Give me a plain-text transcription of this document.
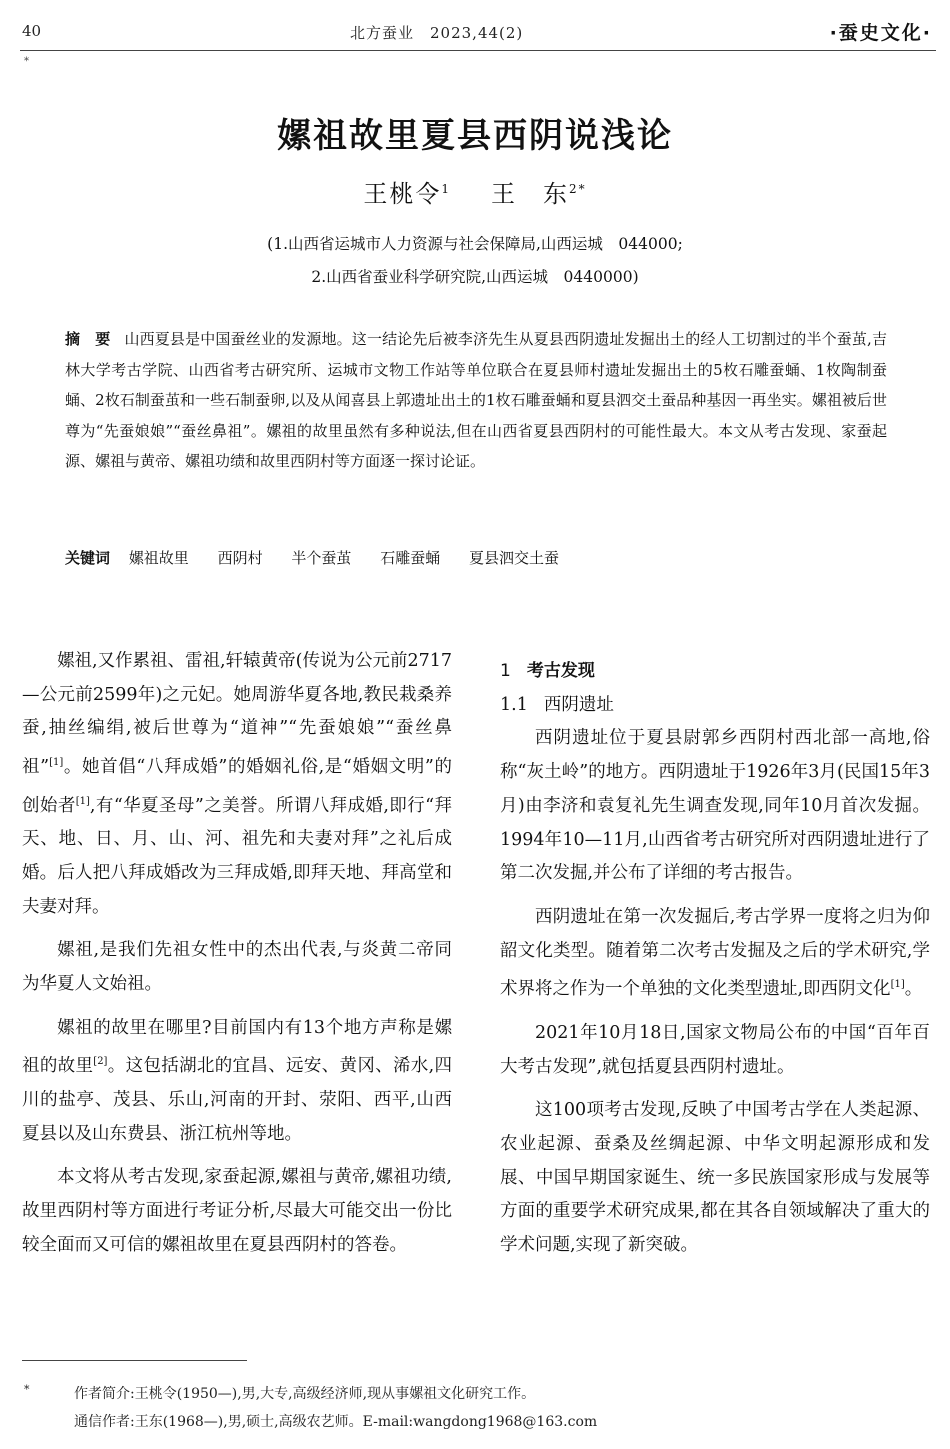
40	北方蚕业　2023,44(2)	·蚕史文化·
*
嫘祖故里夏县西阴说浅论
王桃令$^1$ 王　东$^{2*}$
(1.山西省运城市人力资源与社会保障局,山西运城　044000;
2.山西省蚕业科学研究院,山西运城　0440000)
摘　要 山西夏县是中国蚕丝业的发源地。这一结论先后被李济先生从夏县西阴遗址发掘出土的经人工切割过的半个蚕茧,吉林大学考古学院、山西省考古研究所、运城市文物工作站等单位联合在夏县师村遗址发掘出土的5枚石雕蚕蛹、1枚陶制蚕蛹、2枚石制蚕茧和一些石制蚕卵,以及从闻喜县上郭遗址出土的1枚石雕蚕蛹和夏县泗交土蚕品种基因一再坐实。嫘祖被后世尊为“先蚕娘娘”“蚕丝鼻祖”。嫘祖的故里虽然有多种说法,但在山西省夏县西阴村的可能性最大。本文从考古发现、家蚕起源、嫘祖与黄帝、嫘祖功绩和故里西阴村等方面逐一探讨论证。
关键词 嫘祖故里 西阴村 半个蚕茧 石雕蚕蛹 夏县泗交土蚕

嫘祖,又作累祖、雷祖,轩辕黄帝(传说为公元前2717—公元前2599年)之元妃。她周游华夏各地,教民栽桑养蚕,抽丝编绢,被后世尊为“道神”“先蚕娘娘”“蚕丝鼻祖”[1]。她首倡“八拜成婚”的婚姻礼俗,是“婚姻文明”的创始者[1],有“华夏圣母”之美誉。所谓八拜成婚,即行“拜天、地、日、月、山、河、祖先和夫妻对拜”之礼后成婚。后人把八拜成婚改为三拜成婚,即拜天地、拜高堂和夫妻对拜。

嫘祖,是我们先祖女性中的杰出代表,与炎黄二帝同为华夏人文始祖。

嫘祖的故里在哪里?目前国内有13个地方声称是嫘祖的故里[2]。这包括湖北的宜昌、远安、黄冈、浠水,四川的盐亭、茂县、乐山,河南的开封、荥阳、西平,山西夏县以及山东费县、浙江杭州等地。

本文将从考古发现,家蚕起源,嫘祖与黄帝,嫘祖功绩,故里西阴村等方面进行考证分析,尽最大可能交出一份比较全面而又可信的嫘祖故里在夏县西阴村的答卷。

1 考古发现

1.1 西阴遗址

西阴遗址位于夏县尉郭乡西阴村西北部一高地,俗称“灰土岭”的地方。西阴遗址于1926年3月(民国15年3月)由李济和袁复礼先生调查发现,同年10月首次发掘。1994年10—11月,山西省考古研究所对西阴遗址进行了第二次发掘,并公布了详细的考古报告。

西阴遗址在第一次发掘后,考古学界一度将之归为仰韶文化类型。随着第二次考古发掘及之后的学术研究,学术界将之作为一个单独的文化类型遗址,即西阴文化[1]。

2021年10月18日,国家文物局公布的中国“百年百大考古发现”,就包括夏县西阴村遗址。

这100项考古发现,反映了中国考古学在人类起源、农业起源、蚕桑及丝绸起源、中华文明起源形成和发展、中国早期国家诞生、统一多民族国家形成与发展等方面的重要学术研究成果,都在其各自领域解决了重大的学术问题,实现了新突破。

*	作者简介:王桃令(1950—),男,大专,高级经济师,现从事嫘祖文化研究工作。
通信作者:王东(1968—),男,硕士,高级农艺师。E-mail:wangdong1968@163.com
